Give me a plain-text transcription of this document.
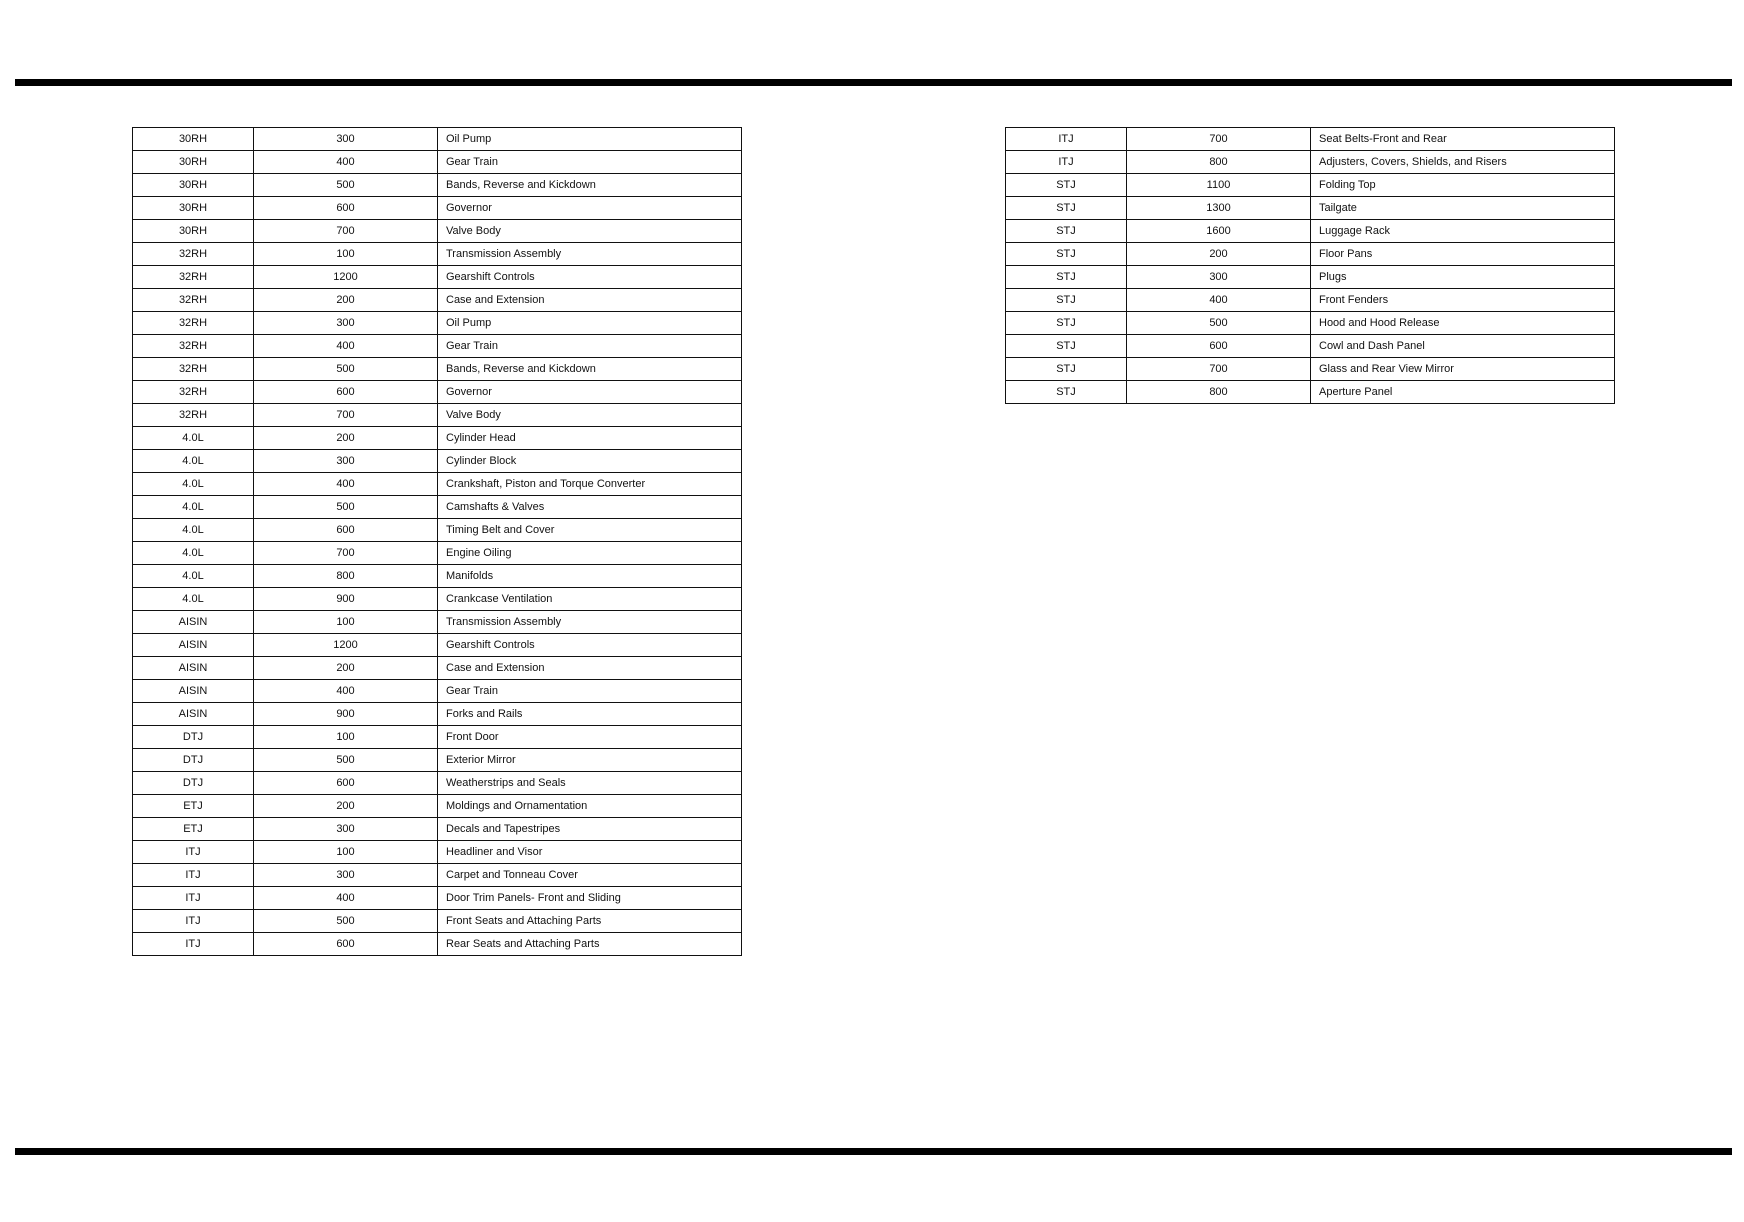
30RH	300	Oil Pump
30RH	400	Gear Train
30RH	500	Bands, Reverse and Kickdown
30RH	600	Governor
30RH	700	Valve Body
32RH	100	Transmission Assembly
32RH	1200	Gearshift Controls
32RH	200	Case and Extension
32RH	300	Oil Pump
32RH	400	Gear Train
32RH	500	Bands, Reverse and Kickdown
32RH	600	Governor
32RH	700	Valve Body
4.0L	200	Cylinder Head
4.0L	300	Cylinder Block
4.0L	400	Crankshaft, Piston and Torque Converter
4.0L	500	Camshafts & Valves
4.0L	600	Timing Belt and Cover
4.0L	700	Engine Oiling
4.0L	800	Manifolds
4.0L	900	Crankcase Ventilation
AISIN	100	Transmission Assembly
AISIN	1200	Gearshift Controls
AISIN	200	Case and Extension
AISIN	400	Gear Train
AISIN	900	Forks and Rails
DTJ	100	Front Door
DTJ	500	Exterior Mirror
DTJ	600	Weatherstrips and Seals
ETJ	200	Moldings and Ornamentation
ETJ	300	Decals and Tapestripes
ITJ	100	Headliner and Visor
ITJ	300	Carpet and Tonneau Cover
ITJ	400	Door Trim Panels- Front and Sliding
ITJ	500	Front Seats and Attaching Parts
ITJ	600	Rear Seats and Attaching Parts
ITJ	700	Seat Belts-Front and Rear
ITJ	800	Adjusters, Covers, Shields, and Risers
STJ	1100	Folding Top
STJ	1300	Tailgate
STJ	1600	Luggage Rack
STJ	200	Floor Pans
STJ	300	Plugs
STJ	400	Front Fenders
STJ	500	Hood and Hood Release
STJ	600	Cowl and Dash Panel
STJ	700	Glass and Rear View Mirror
STJ	800	Aperture Panel
